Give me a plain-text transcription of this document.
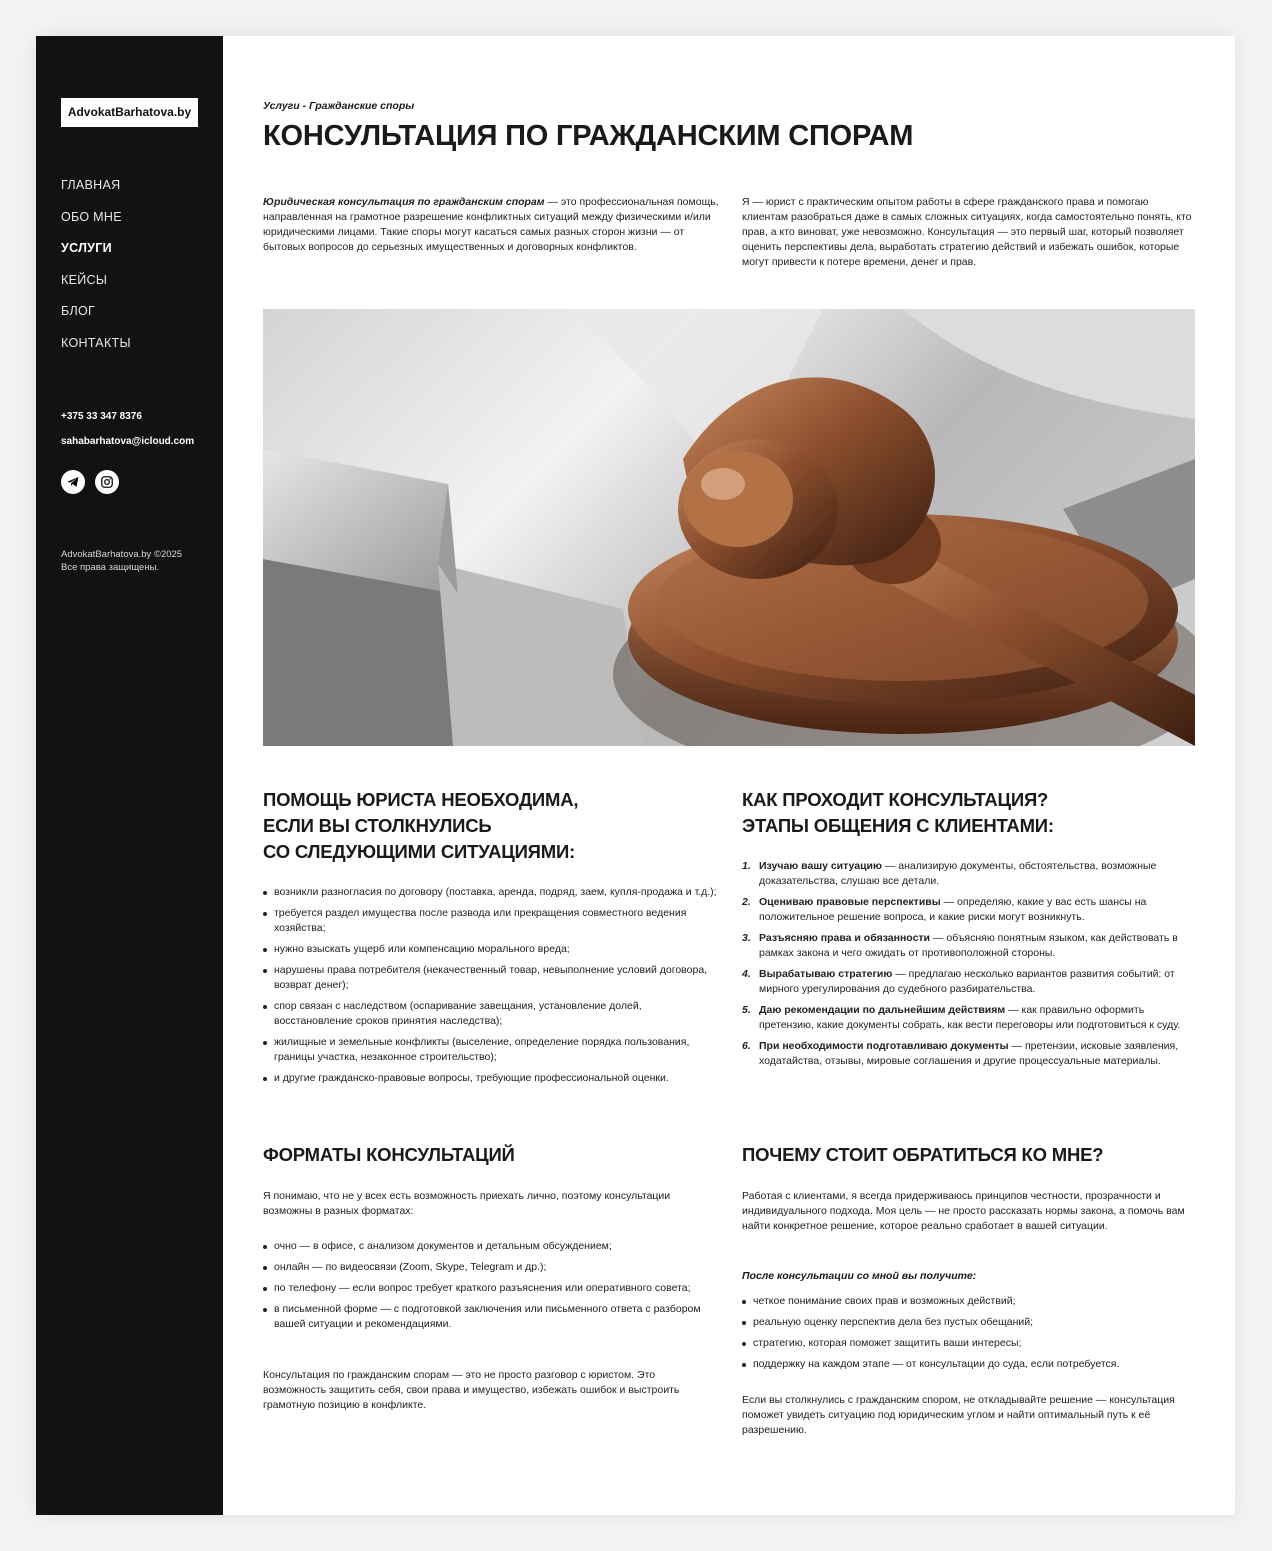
AdvokatBarhatova.by
ГЛАВНАЯ
ОБО МНЕ
УСЛУГИ
КЕЙСЫ
БЛОГ
КОНТАКТЫ
+375 33 347 8376
sahabarhatova@icloud.com

AdvokatBarhatova.by ©2025
Все права защищены.
Услуги - Гражданские споры
КОНСУЛЬТАЦИЯ ПО ГРАЖДАНСКИМ СПОРАМ

Юридическая консультация по гражданским спорам — это профессиональная помощь, направленная на грамотное разрешение конфликтных ситуаций между физическими и/или юридическими лицами. Такие споры могут касаться самых разных сторон жизни — от бытовых вопросов до серьезных имущественных и договорных конфликтов.

Я — юрист с практическим опытом работы в сфере гражданского права и помогаю клиентам разобраться даже в самых сложных ситуациях, когда самостоятельно понять, кто прав, а кто виноват, уже невозможно. Консультация — это первый шаг, который позволяет оценить перспективы дела, выработать стратегию действий и избежать ошибок, которые могут привести к потере времени, денег и прав.

ПОМОЩЬ ЮРИСТА НЕОБХОДИМА,
ЕСЛИ ВЫ СТОЛКНУЛИСЬ
СО СЛЕДУЮЩИМИ СИТУАЦИЯМИ:
возникли разногласия по договору (поставка, аренда, подряд, заем, купля-продажа и т.д.);
требуется раздел имущества после развода или прекращения совместного ведения хозяйства;
нужно взыскать ущерб или компенсацию морального вреда;
нарушены права потребителя (некачественный товар, невыполнение условий договора, возврат денег);
спор связан с наследством (оспаривание завещания, установление долей, восстановление сроков принятия наследства);
жилищные и земельные конфликты (выселение, определение порядка пользования, границы участка, незаконное строительство);
и другие гражданско-правовые вопросы, требующие профессиональной оценки.
КАК ПРОХОДИТ КОНСУЛЬТАЦИЯ?
ЭТАПЫ ОБЩЕНИЯ С КЛИЕНТАМИ:
1. Изучаю вашу ситуацию — анализирую документы, обстоятельства, возможные доказательства, слушаю все детали.
2. Оцениваю правовые перспективы — определяю, какие у вас есть шансы на положительное решение вопроса, и какие риски могут возникнуть.
3. Разъясняю права и обязанности — объясняю понятным языком, как действовать в рамках закона и чего ожидать от противоположной стороны.
4. Вырабатываю стратегию — предлагаю несколько вариантов развития событий: от мирного урегулирования до судебного разбирательства.
5. Даю рекомендации по дальнейшим действиям — как правильно оформить претензию, какие документы собрать, как вести переговоры или подготовиться к суду.
6. При необходимости подготавливаю документы — претензии, исковые заявления, ходатайства, отзывы, мировые соглашения и другие процессуальные материалы.
ФОРМАТЫ КОНСУЛЬТАЦИЙ

Я понимаю, что не у всех есть возможность приехать лично, поэтому консультации возможны в разных форматах:

очно — в офисе, с анализом документов и детальным обсуждением;
онлайн — по видеосвязи (Zoom, Skype, Telegram и др.);
по телефону — если вопрос требует краткого разъяснения или оперативного совета;
в письменной форме — с подготовкой заключения или письменного ответа с разбором вашей ситуации и рекомендациями.

Консультация по гражданским спорам — это не просто разговор с юристом. Это возможность защитить себя, свои права и имущество, избежать ошибок и выстроить грамотную позицию в конфликте.

ПОЧЕМУ СТОИТ ОБРАТИТЬСЯ КО МНЕ?

Работая с клиентами, я всегда придерживаюсь принципов честности, прозрачности и индивидуального подхода. Моя цель — не просто рассказать нормы закона, а помочь вам найти конкретное решение, которое реально сработает в вашей ситуации.

После консультации со мной вы получите:

четкое понимание своих прав и возможных действий;
реальную оценку перспектив дела без пустых обещаний;
стратегию, которая поможет защитить ваши интересы;
поддержку на каждом этапе — от консультации до суда, если потребуется.

Если вы столкнулись с гражданским спором, не откладывайте решение — консультация поможет увидеть ситуацию под юридическим углом и найти оптимальный путь к её разрешению.
